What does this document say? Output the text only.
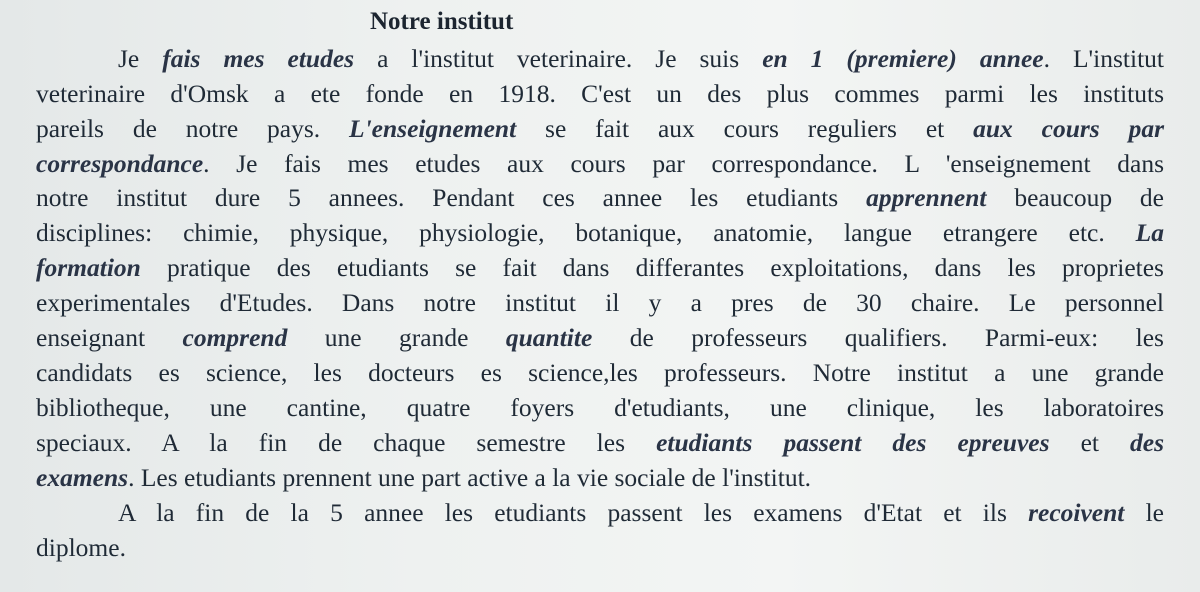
Notre institut
Je fais mes etudes a l'institut veterinaire. Je suis en 1 (premiere) annee. L'institut
veterinaire d'Omsk a ete fonde en 1918. C'est un des plus commes parmi les instituts
pareils de notre pays. L'enseignement se fait aux cours reguliers et aux cours par
correspondance. Je fais mes etudes aux cours par correspondance. L 'enseignement dans
notre institut dure 5 annees. Pendant ces annee les etudiants apprennent beaucoup de
disciplines: chimie, physique, physiologie, botanique, anatomie, langue etrangere etc. La
formation pratique des etudiants se fait dans differantes exploitations, dans les proprietes
experimentales d'Etudes. Dans notre institut il y a pres de 30 chaire. Le personnel
enseignant comprend une grande quantite de professeurs qualifiers. Parmi-eux: les
candidats es science, les docteurs es science,les professeurs. Notre institut a une grande
bibliotheque, une cantine, quatre foyers d'etudiants, une clinique, les laboratoires
speciaux. A la fin de chaque semestre les etudiants passent des epreuves et des
examens. Les etudiants prennent une part active a la vie sociale de l'institut.
A la fin de la 5 annee les etudiants passent les examens d'Etat et ils recoivent le
diplome.
